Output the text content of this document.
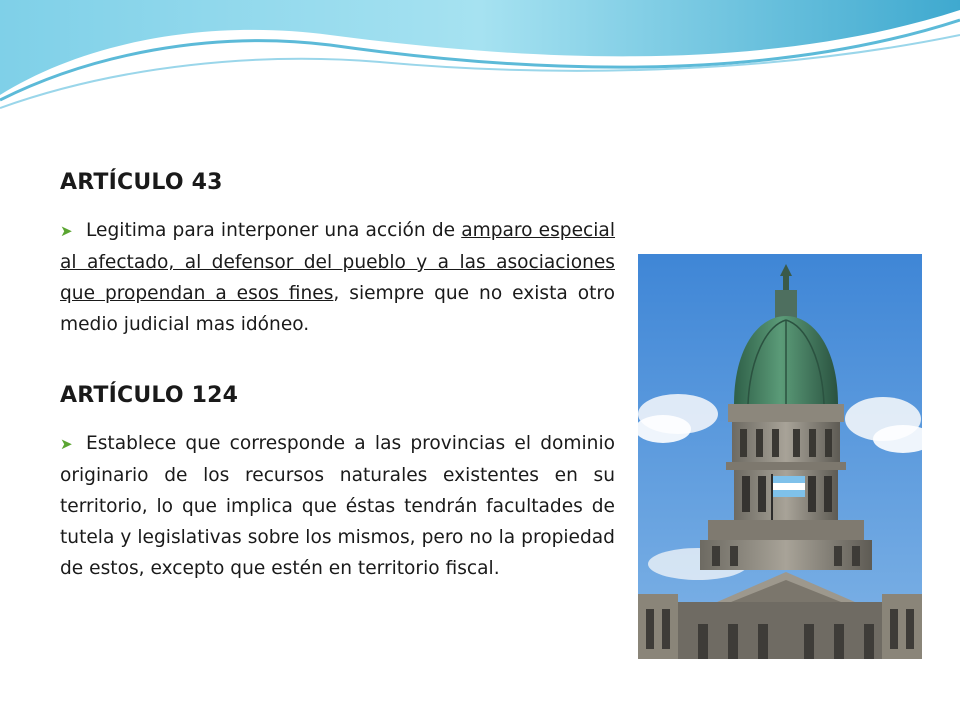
ARTÍCULO 43

➤ Legitima para interponer una acción de amparo especial al afectado, al defensor del pueblo y a las asociaciones que propendan a esos fines, siempre que no exista otro medio judicial mas idóneo.

ARTÍCULO 124

➤ Establece que corresponde a las provincias el dominio originario de los recursos naturales existentes en su territorio, lo que implica que éstas tendrán facultades de tutela y legislativas sobre los mismos, pero no la propiedad de estos, excepto que estén en territorio fiscal.
